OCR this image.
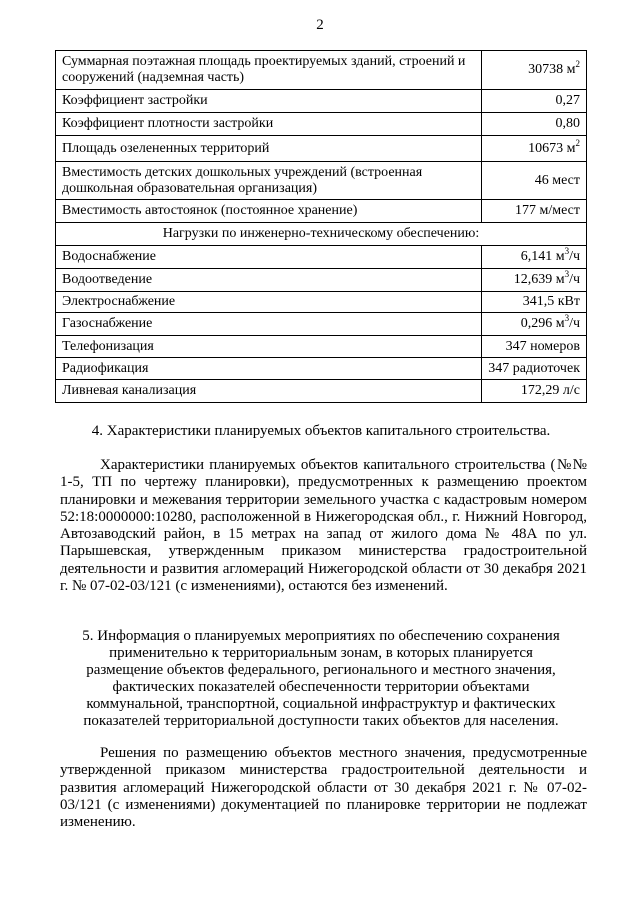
2
Суммарная поэтажная площадь проектируемых зданий, строений и сооружений (надземная часть)	30738 $м^2$
Коэффициент застройки	0,27
Коэффициент плотности застройки	0,80
Площадь озелененных территорий	10673 $м^2$
Вместимость детских дошкольных учреждений (встроенная дошкольная образовательная организация)	46 мест
Вместимость автостоянок (постоянное хранение)	177 м/мест
Нагрузки по инженерно-техническому обеспечению:	
Водоснабжение	6,141 $м^3/ч$
Водоотведение	12,639 $м^3/ч$
Электроснабжение	341,5 кВт
Газоснабжение	0,296 $м^3/ч$
Телефонизация	347 номеров
Радиофикация	347 радиоточек
Ливневая канализация	172,29 л/с
4. Характеристики планируемых объектов капитального строительства.

Характеристики планируемых объектов капитального строительства (№№ 1-5, ТП по чертежу планировки), предусмотренных к размещению проектом планировки и межевания территории земельного участка с кадастровым номером 52:18:0000000:10280, расположенной в Нижегородская обл., г. Нижний Новгород, Автозаводский район, в 15 метрах на запад от жилого дома № 48А по ул. Парышевская, утвержденным приказом министерства градостроительной деятельности и развития агломераций Нижегородской области от 30 декабря 2021 г. № 07-02-03/121 (с изменениями), остаются без изменений.

5. Информация о планируемых мероприятиях по обеспечению сохранения применительно к территориальным зонам, в которых планируется размещение объектов федерального, регионального и местного значения, фактических показателей обеспеченности территории объектами коммунальной, транспортной, социальной инфраструктур и фактических показателей территориальной доступности таких объектов для населения.

Решения по размещению объектов местного значения, предусмотренные утвержденной приказом министерства градостроительной деятельности и развития агломераций Нижегородской области от 30 декабря 2021 г. № 07-02-03/121 (с изменениями) документацией по планировке территории не подлежат изменению.
